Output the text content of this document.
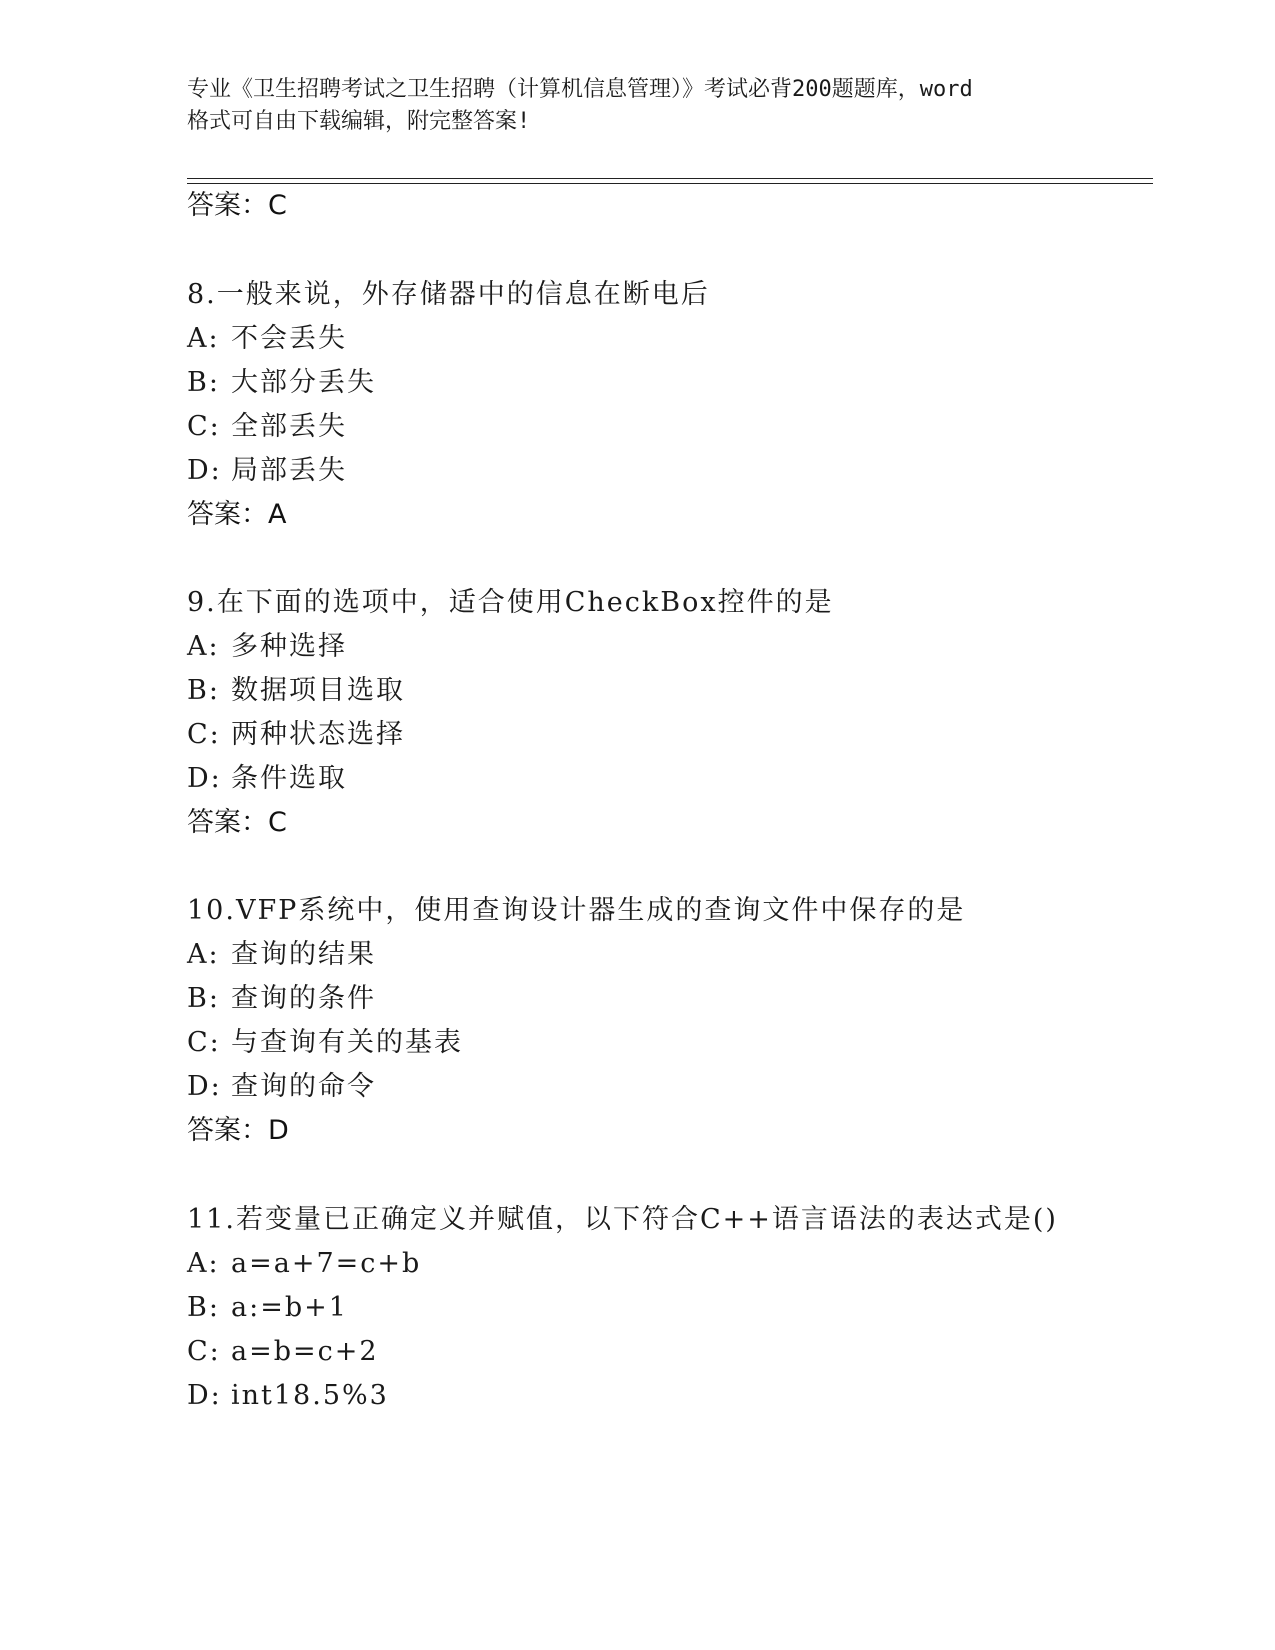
专业《卫生招聘考试之卫生招聘（计算机信息管理）》考试必背200题题库，word
格式可自由下载编辑，附完整答案!
答案：C
8.一般来说，外存储器中的信息在断电后
A: 不会丢失
B: 大部分丢失
C: 全部丢失
D: 局部丢失
答案：A
9.在下面的选项中，适合使用CheckBox控件的是
A: 多种选择
B: 数据项目选取
C: 两种状态选择
D: 条件选取
答案：C
10.VFP系统中，使用查询设计器生成的查询文件中保存的是
A: 查询的结果
B: 查询的条件
C: 与查询有关的基表
D: 查询的命令
答案：D
11.若变量已正确定义并赋值，以下符合C++语言语法的表达式是()
A: a=a+7=c+b
B: a:=b+1
C: a=b=c+2
D: int18.5%3
